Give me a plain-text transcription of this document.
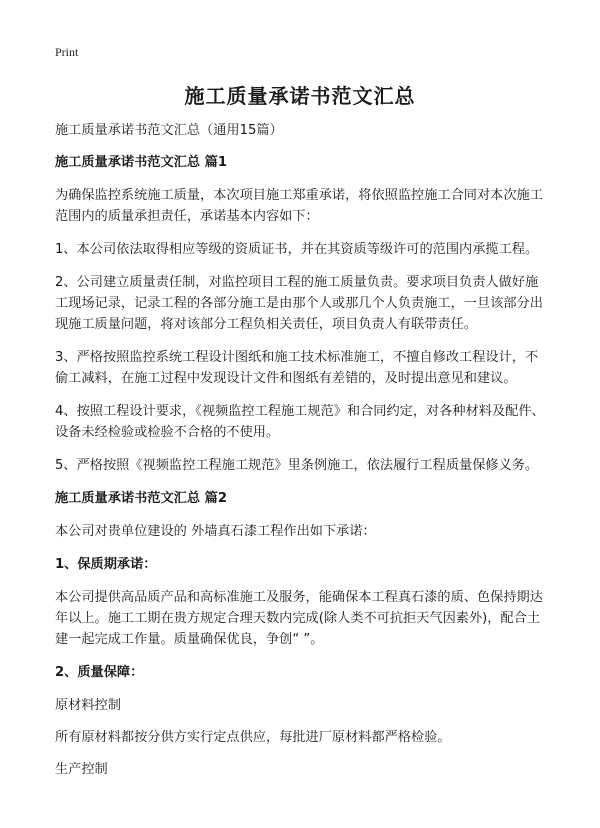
Print
施工质量承诺书范文汇总

施工质量承诺书范文汇总（通用15篇）

施工质量承诺书范文汇总 篇1

为确保监控系统施工质量，本次项目施工郑重承诺，将依照监控施工合同对本次施工范围内的质量承担责任，承诺基本内容如下：

1、本公司依法取得相应等级的资质证书，并在其资质等级许可的范围内承揽工程。

2、公司建立质量责任制，对监控项目工程的施工质量负责。要求项目负责人做好施工现场记录，记录工程的各部分施工是由那个人或那几个人负责施工，一旦该部分出现施工质量问题，将对该部分工程负相关责任，项目负责人有联带责任。

3、严格按照监控系统工程设计图纸和施工技术标准施工，不擅自修改工程设计，不偷工减料，在施工过程中发现设计文件和图纸有差错的，及时提出意见和建议。

4、按照工程设计要求，《视频监控工程施工规范》和合同约定，对各种材料及配件、设备未经检验或检验不合格的不使用。

5、严格按照《视频监控工程施工规范》里条例施工，依法履行工程质量保修义务。

施工质量承诺书范文汇总 篇2

本公司对贵单位建设的 外墙真石漆工程作出如下承诺：

1、保质期承诺：

本公司提供高品质产品和高标准施工及服务，能确保本工程真石漆的质、色保持期达 年以上。施工工期在贵方规定合理天数内完成(除人类不可抗拒天气因素外)，配合土建一起完成工作量。质量确保优良，争创“ ”。

2、质量保障：

原材料控制

所有原材料都按分供方实行定点供应，每批进厂原材料都严格检验。

生产控制
